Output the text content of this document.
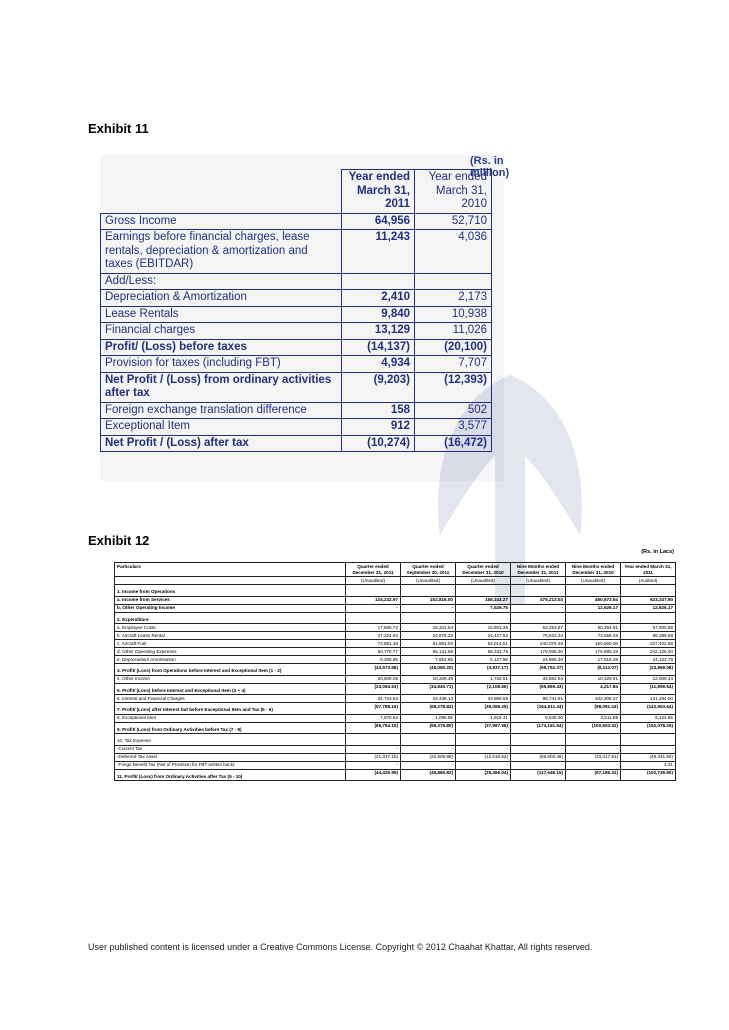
Exhibit 11
(Rs. in million)
	Year ended March 31, 2011	Year ended March 31, 2010
Gross Income	64,956	52,710
Earnings before financial charges, lease rentals, depreciation & amortization and taxes (EBITDAR)	11,243	4,036
Add/Less:		
Depreciation & Amortization	2,410	2,173
Lease Rentals	9,840	10,938
Financial charges	13,129	11,026
Profit/ (Loss) before taxes	(14,137)	(20,100)
Provision for taxes (including FBT)	4,934	7,707
Net Profit / (Loss) from ordinary activities after tax	(9,203)	(12,393)
Foreign exchange translation difference	158	502
Exceptional Item	912	3,577
Net Profit / (Loss) after tax	(10,274)	(16,472)
Exhibit 12
(Rs. in Lacs)
Particulars	Quarter ended December 31, 2011	Quarter ended September 30, 2011	Quarter ended December 31, 2010	Nine Months ended December 31, 2011	Nine Months ended December 31, 2010	Year ended March 31, 2011
	(Unaudited)	(Unaudited)	(Unaudited)	(Unaudited)	(Unaudited)	(Audited)
1. Income from Operations						
a. Income from Services	134,232.97	152,816.00	158,343.27	475,213.03	460,673.54	623,337.90
b. Other Operating Income	-	-	7,526.75	-	12,626.17	12,626.17
2. Expenditure						
a. Employee Costs	17,565.72	18,321.54	16,803.35	53,253.97	50,394.91	67,600.85
b. Aircraft Lease Rental	27,224.93	24,878.23	24,427.62	76,833.34	73,656.26	98,399.58
c. Aircraft Fuel	73,881.38	81,881.00	54,014.51	240,076.49	150,560.06	227,402.58
d. Other Operating Expenses	50,775.77	65,131.68	68,333.75	179,935.30	176,885.19	242,126.40
e. Depreciation/ Amortisation	8,358.85	7,852.85	6,127.96	24,866.30	17,915.36	24,103.76
3. Profit/ (Loss) from Operations before Interest and Exceptional Item (1 - 2)	(43,573.68)	(45,050.20)	(3,837.17)	(99,752.37)	(6,112.07)	(23,869.08)
4. Other Income	20,509.05	10,209.49	1,728.51	33,882.94	10,329.91	12,009.44
5. Profit/ (Loss) before Interest and Exceptional Item (3 + 4)	(23,064.63)	(34,840.71)	(2,108.66)	(65,869.43)	4,217.84	(11,859.64)
6. Interest and Financial Charges	34,723.53	33,438.13	33,959.59	98,741.91	102,309.27	131,294.00
7. Profit/ (Loss) after Interest but before Exceptional Item and Tax (5 - 6)	(57,788.16)	(68,278.84)	(36,068.25)	(164,611.34)	(98,091.43)	(142,953.64)
8. Exceptional Item	7,975.54	1,096.96	1,919.31	9,540.30	2,511.89	9,124.65
9. Profit/ (Loss) from Ordinary Activities before Tax (7 - 8)	(65,764.10)	(69,375.80)	(37,987.56)	(174,151.64)	(100,603.32)	(152,078.29)
10. Tax Expense						
-Current Tax	-	-	-	-	-	-
-Deferred Tax Asset	(21,337.15)	(22,508.98)	(12,618.52)	(56,503.49)	(33,417.91)	(49,341.80)
-Fringe Benefit Tax (Net of Provision for FBT written back)	-	-	-	-	-	3.31
11. Profit/ (Loss) from Ordinary Activities after Tax (9 - 10)	(44,426.95)	(46,866.82)	(25,369.04)	(117,648.15)	(67,185.41)	(102,739.80)
User published content is licensed under a Creative Commons License. Copyright © 2012 Chaahat Khattar, All rights reserved.
